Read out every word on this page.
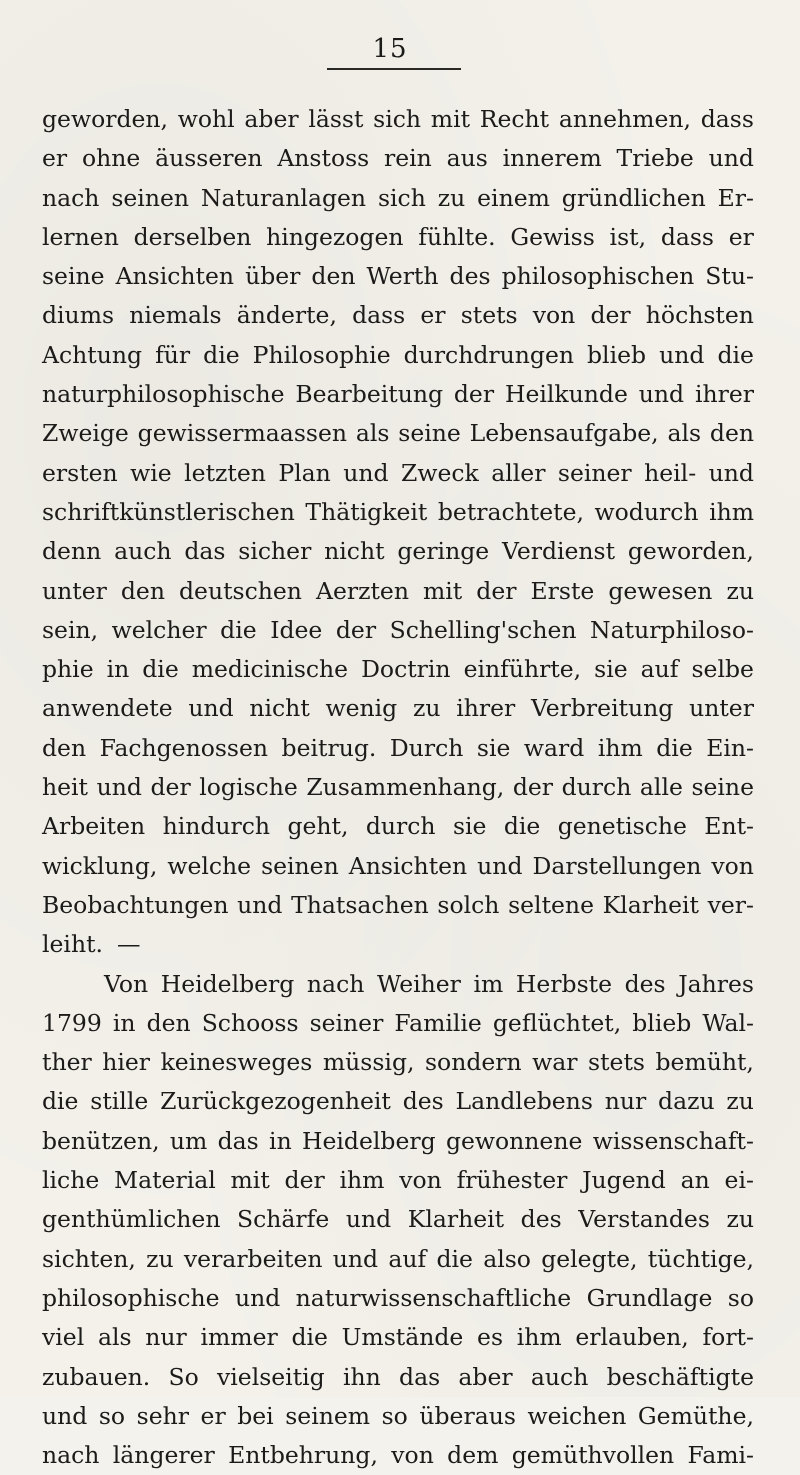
15
geworden, wohl aber lässt sich mit Recht annehmen, dass
er ohne äusseren Anstoss rein aus innerem Triebe und
nach seinen Naturanlagen sich zu einem gründlichen Er-
lernen derselben hingezogen fühlte. Gewiss ist, dass er
seine Ansichten über den Werth des philosophischen Stu-
diums niemals änderte, dass er stets von der höchsten
Achtung für die Philosophie durchdrungen blieb und die
naturphilosophische Bearbeitung der Heilkunde und ihrer
Zweige gewissermaassen als seine Lebensaufgabe, als den
ersten wie letzten Plan und Zweck aller seiner heil- und
schriftkünstlerischen Thätigkeit betrachtete, wodurch ihm
denn auch das sicher nicht geringe Verdienst geworden,
unter den deutschen Aerzten mit der Erste gewesen zu
sein, welcher die Idee der Schelling'schen Naturphiloso-
phie in die medicinische Doctrin einführte, sie auf selbe
anwendete und nicht wenig zu ihrer Verbreitung unter
den Fachgenossen beitrug. Durch sie ward ihm die Ein-
heit und der logische Zusammenhang, der durch alle seine
Arbeiten hindurch geht, durch sie die genetische Ent-
wicklung, welche seinen Ansichten und Darstellungen von
Beobachtungen und Thatsachen solch seltene Klarheit ver-
leiht. —
Von Heidelberg nach Weiher im Herbste des Jahres
1799 in den Schooss seiner Familie geflüchtet, blieb Wal-
ther hier keinesweges müssig, sondern war stets bemüht,
die stille Zurückgezogenheit des Landlebens nur dazu zu
benützen, um das in Heidelberg gewonnene wissenschaft-
liche Material mit der ihm von frühester Jugend an ei-
genthümlichen Schärfe und Klarheit des Verstandes zu
sichten, zu verarbeiten und auf die also gelegte, tüchtige,
philosophische und naturwissenschaftliche Grundlage so
viel als nur immer die Umstände es ihm erlauben, fort-
zubauen. So vielseitig ihn das aber auch beschäftigte
und so sehr er bei seinem so überaus weichen Gemüthe,
nach längerer Entbehrung, von dem gemüthvollen Fami-
